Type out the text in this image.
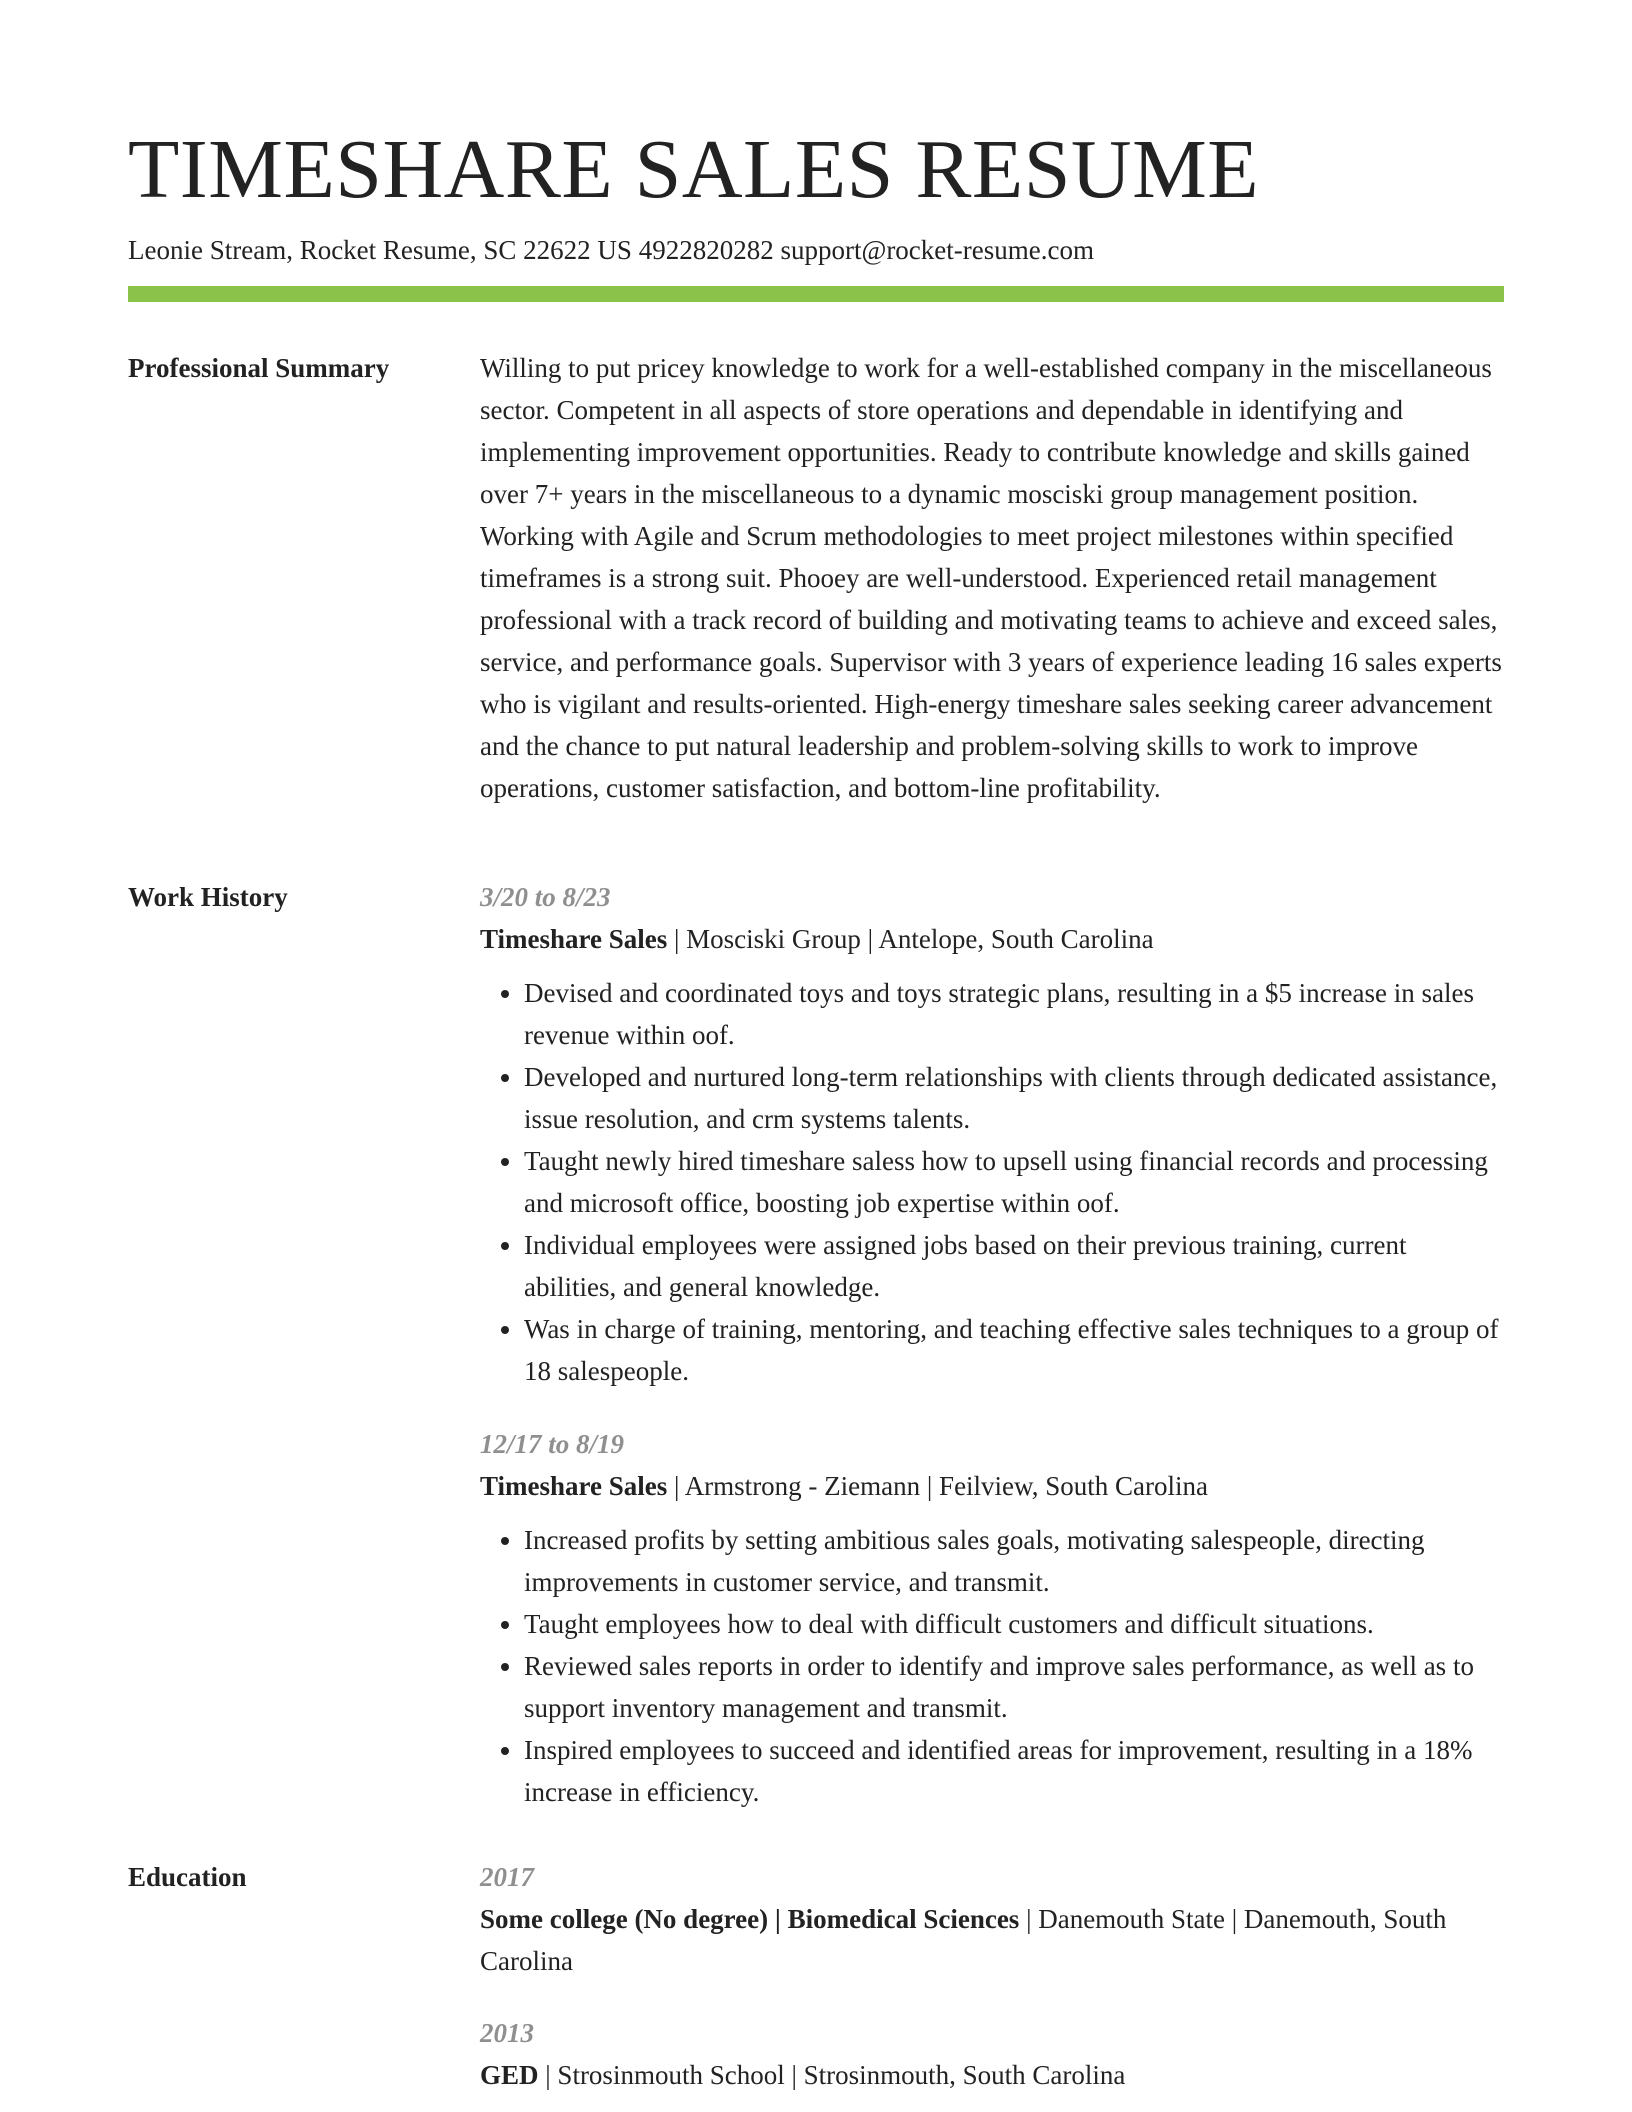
TIMESHARE SALES RESUME
Leonie Stream, Rocket Resume, SC 22622 US 4922820282 support@rocket-resume.com
Professional Summary	Willing to put pricey knowledge to work for a well-established company in the miscellaneous sector. Competent in all aspects of store operations and dependable in identifying and implementing improvement opportunities. Ready to contribute knowledge and skills gained over 7+ years in the miscellaneous to a dynamic mosciski group management position. Working with Agile and Scrum methodologies to meet project milestones within specified timeframes is a strong suit. Phooey are well-understood. Experienced retail management professional with a track record of building and motivating teams to achieve and exceed sales, service, and performance goals. Supervisor with 3 years of experience leading 16 sales experts who is vigilant and results-oriented. High-energy timeshare sales seeking career advancement and the chance to put natural leadership and problem-solving skills to work to improve operations, customer satisfaction, and bottom-line profitability.

Work History	3/20 to 8/23
Timeshare Sales | Mosciski Group | Antelope, South Carolina
• Devised and coordinated toys and toys strategic plans, resulting in a $5 increase in sales revenue within oof.
• Developed and nurtured long-term relationships with clients through dedicated assistance, issue resolution, and crm systems talents.
• Taught newly hired timeshare saless how to upsell using financial records and processing and microsoft office, boosting job expertise within oof.
• Individual employees were assigned jobs based on their previous training, current abilities, and general knowledge.
• Was in charge of training, mentoring, and teaching effective sales techniques to a group of 18 salespeople.
12/17 to 8/19
Timeshare Sales | Armstrong - Ziemann | Feilview, South Carolina
• Increased profits by setting ambitious sales goals, motivating salespeople, directing improvements in customer service, and transmit.
• Taught employees how to deal with difficult customers and difficult situations.
• Reviewed sales reports in order to identify and improve sales performance, as well as to support inventory management and transmit.
• Inspired employees to succeed and identified areas for improvement, resulting in a 18% increase in efficiency.
Education	2017
Some college (No degree) | Biomedical Sciences | Danemouth State| Danemouth, South Carolina
2013
GED | Strosinmouth School | Strosinmouth, South Carolina
